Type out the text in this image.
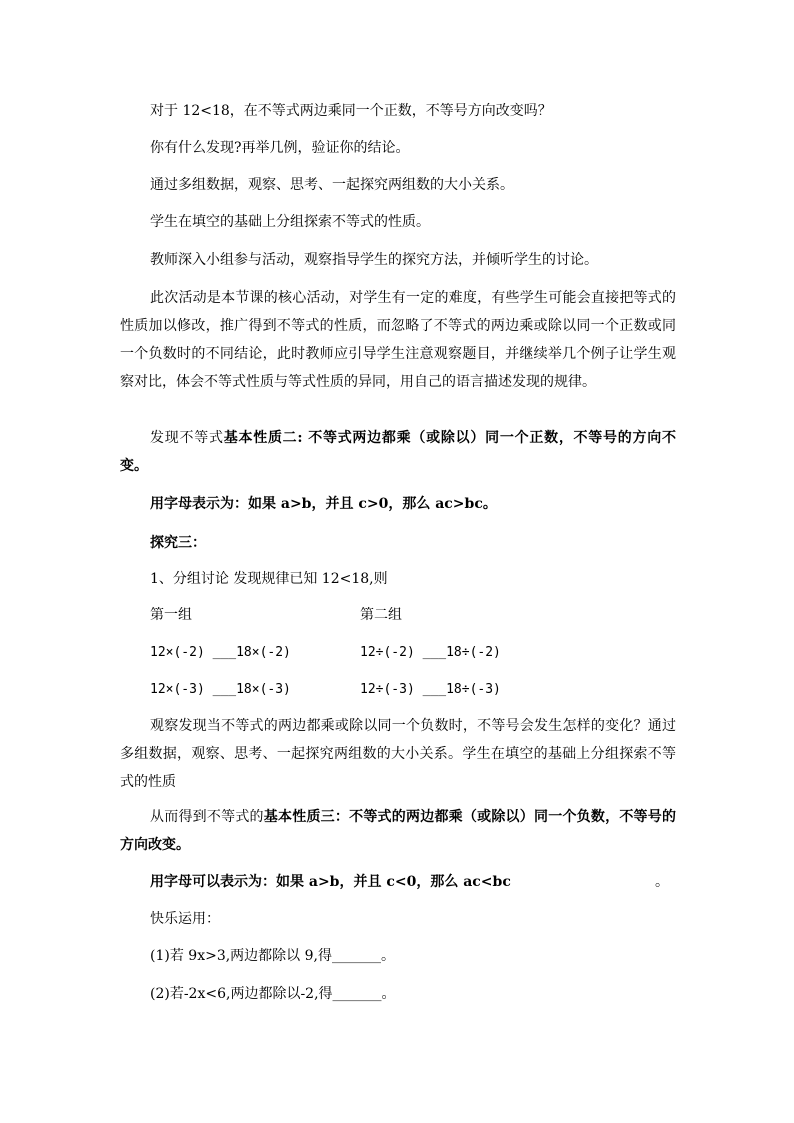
对于 12<18，在不等式两边乘同一个正数，不等号方向改变吗？
你有什么发现?再举几例，验证你的结论。
通过多组数据，观察、思考、一起探究两组数的大小关系。
学生在填空的基础上分组探索不等式的性质。
教师深入小组参与活动，观察指导学生的探究方法，并倾听学生的讨论。
此次活动是本节课的核心活动，对学生有一定的难度，有些学生可能会直接把等式的性质加以修改，推广得到不等式的性质，而忽略了不等式的两边乘或除以同一个正数或同一个负数时的不同结论，此时教师应引导学生注意观察题目，并继续举几个例子让学生观察对比，体会不等式性质与等式性质的异同，用自己的语言描述发现的规律。
发现不等式基本性质二: 不等式两边都乘（或除以）同一个正数，不等号的方向不变。
用字母表示为：如果 a>b，并且 c>0，那么 ac>bc。
探究三：
1、分组讨论 发现规律已知 12<18,则
第一组	第二组
12×(-2) ___18×(-2)	12÷(-2) ___18÷(-2)
12×(-3) ___18×(-3)	12÷(-3) ___18÷(-3)
观察发现当不等式的两边都乘或除以同一个负数时，不等号会发生怎样的变化？通过多组数据，观察、思考、一起探究两组数的大小关系。学生在填空的基础上分组探索不等式的性质
从而得到不等式的基本性质三：不等式的两边都乘（或除以）同一个负数，不等号的方向改变。
用字母可以表示为：如果 a>b，并且 c<0，那么 ac<bc	。
快乐运用：
(1)若 9x>3,两边都除以 9,得_______。
(2)若-2x<6,两边都除以-2,得_______。
